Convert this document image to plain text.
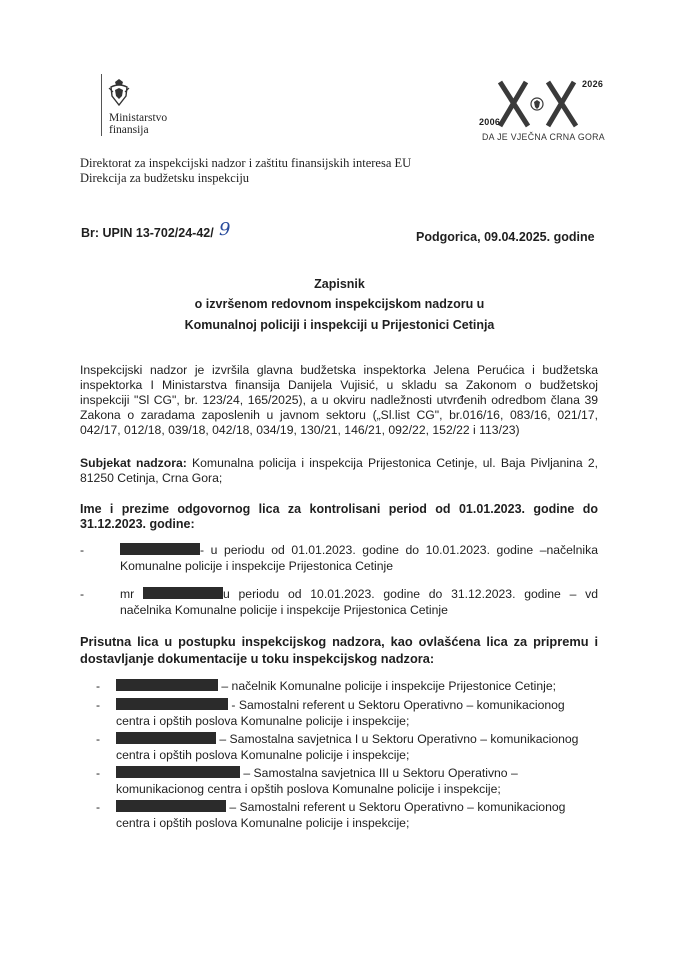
Ministarstvo
finansija
2006
2026
DA JE VJEČNA CRNA GORA
Direktorat za inspekcijski nadzor i zaštitu finansijskih interesa EU
Direkcija za budžetsku inspekciju
Br: UPIN 13-702/24-42/ 9	Podgorica, 09.04.2025. godine
Zapisnik
o izvršenom redovnom inspekcijskom nadzoru u
Komunalnoj policiji i inspekciji u Prijestonici Cetinja
Inspekcijski nadzor je izvršila glavna budžetska inspektorka Jelena Perućica i budžetska inspektorka I Ministarstva finansija Danijela Vujisić, u skladu sa Zakonom o budžetskoj inspekciji "Sl CG", br. 123/24, 165/2025), a u okviru nadležnosti utvrđenih odredbom člana 39 Zakona o zaradama zaposlenih u javnom sektoru („Sl.list CG", br.016/16, 083/16, 021/17, 042/17, 012/18, 039/18, 042/18, 034/19, 130/21, 146/21, 092/22, 152/22 i 113/23)
Subjekat nadzora: Komunalna policija i inspekcija Prijestonica Cetinje, ul. Baja Pivljanina 2, 81250 Cetinja, Crna Gora;
Ime i prezime odgovornog lica za kontrolisani period od 01.01.2023. godine do 31.12.2023. godine:
-	- u periodu od 01.01.2023. godine do 10.01.2023. godine –načelnika Komunalne policije i inspekcije Prijestonica Cetinje
-	mr	u periodu od 10.01.2023. godine do 31.12.2023. godine – vd načelnika Komunalne policije i inspekcije Prijestonica Cetinje
Prisutna lica u postupku inspekcijskog nadzora, kao ovlašćena lica za pripremu i dostavljanje dokumentacije u toku inspekcijskog nadzora:
-	– načelnik Komunalne policije i inspekcije Prijestonice Cetinje;
-	- Samostalni referent u Sektoru Operativno – komunikacionog
centra i opštih poslova Komunalne policije i inspekcije;
-	– Samostalna savjetnica I u Sektoru Operativno – komunikacionog
centra i opštih poslova Komunalne policije i inspekcije;
-	– Samostalna savjetnica III u Sektoru Operativno –
komunikacionog centra i opštih poslova Komunalne policije i inspekcije;
-	– Samostalni referent u Sektoru Operativno – komunikacionog
centra i opštih poslova Komunalne policije i inspekcije;
